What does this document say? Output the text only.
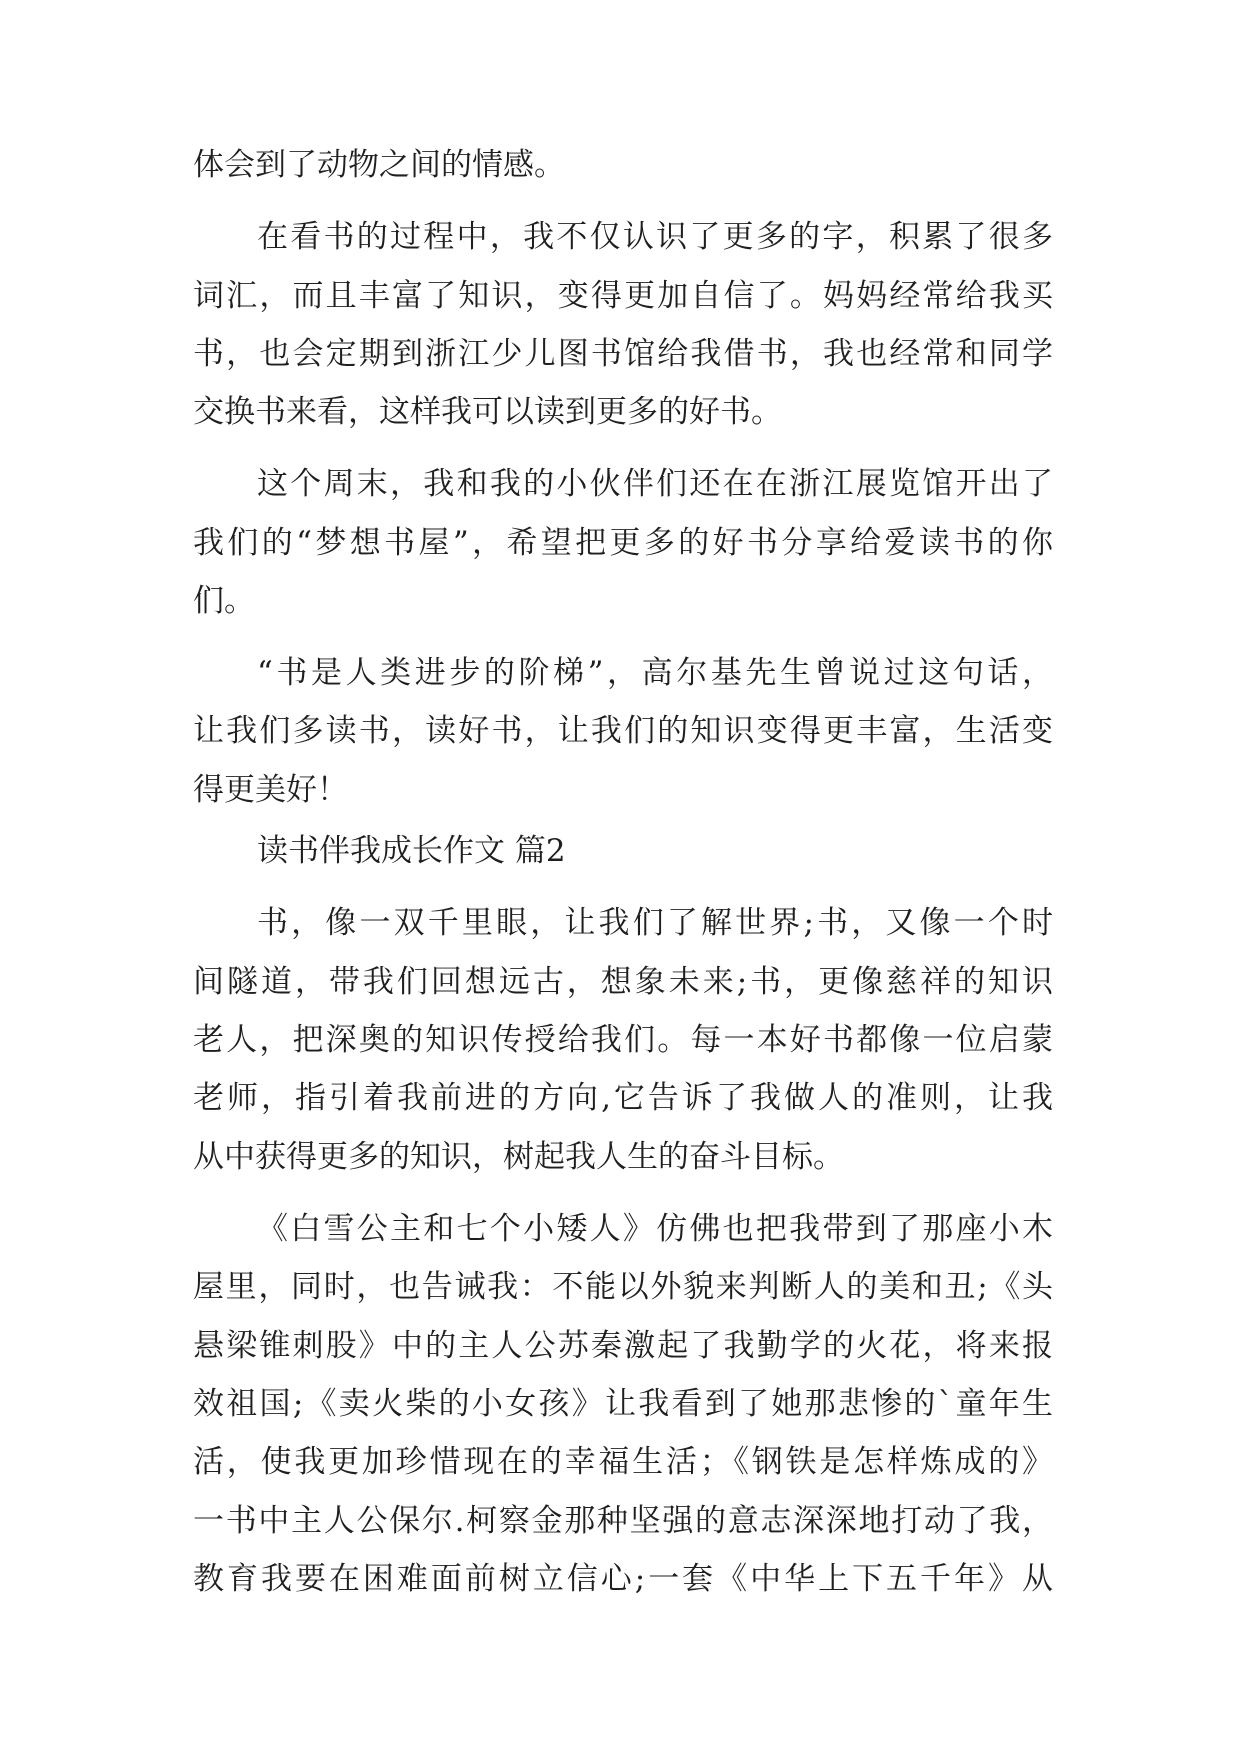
体会到了动物之间的情感。
在看书的过程中，我不仅认识了更多的字，积累了很多
词汇，而且丰富了知识，变得更加自信了。妈妈经常给我买
书，也会定期到浙江少儿图书馆给我借书，我也经常和同学
交换书来看，这样我可以读到更多的好书。
这个周末，我和我的小伙伴们还在在浙江展览馆开出了
我们的“梦想书屋”，希望把更多的好书分享给爱读书的你
们。
“书是人类进步的阶梯”，高尔基先生曾说过这句话，
让我们多读书，读好书，让我们的知识变得更丰富，生活变
得更美好！
读书伴我成长作文 篇2
书，像一双千里眼，让我们了解世界;书，又像一个时
间隧道，带我们回想远古，想象未来;书，更像慈祥的知识
老人，把深奥的知识传授给我们。每一本好书都像一位启蒙
老师，指引着我前进的方向,它告诉了我做人的准则，让我
从中获得更多的知识，树起我人生的奋斗目标。
《白雪公主和七个小矮人》仿佛也把我带到了那座小木
屋里，同时，也告诫我：不能以外貌来判断人的美和丑;《头
悬梁锥刺股》中的主人公苏秦激起了我勤学的火花，将来报
效祖国;《卖火柴的小女孩》让我看到了她那悲惨的`童年生
活，使我更加珍惜现在的幸福生活；《钢铁是怎样炼成的》
一书中主人公保尔.柯察金那种坚强的意志深深地打动了我，
教育我要在困难面前树立信心;一套《中华上下五千年》从
